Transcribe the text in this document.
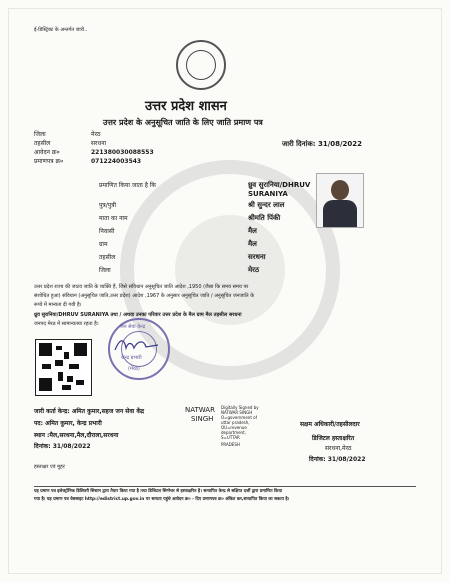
ई-डिस्ट्रिक्ट के अन्तर्गत जारी..
उत्तर प्रदेश शासन
उत्तर प्रदेश के अनुसूचित जाति के लिए जाति प्रमाण पत्र
जिला	मेरठ
तहसील	सरधना
आवेदन क्र०	221380030088553
प्रमाणपत्र क्र०	071224003543
जारी दिनांक: 31/08/2022
प्रमाणित किया जाता है कि	ध्रुव सुरानिया/DHRUV SURANIYA
पुत्र/पुत्री	श्री सुन्दर लाल
माता का नाम	श्रीमति पिंकी
निवासी	मैल
ग्राम	मैल
तहसील	सरधना
जिला	मेरठ
उत्तर प्रदेश राज्य की जाटव जाति के व्यक्ति हैं, जिसे संविधान अनुसूचित जाति आदेश ,1950 (जैसा कि समय समय पर
संशोधित हुआ) संविधान (अनुसूचित जाति,उत्तर प्रदेश) आदेश ,1967 के अनुसार अनुसूचित जाति / अनुसूचित जनजाति के
रूप्ये में मान्यता दी गयी है।
ध्रुव सुरानिया/DHRUV SURANIYA तथा / अथवा उनका परिवार उत्तर प्रदेश के मैल ग्राम मैल तहसील सरधना
जनपद मेरठ में सामान्यतया रहता है।	जन सेवा केन्द्र
केन्द्र प्रभारी
(मेरठ)
जारी कर्ता केन्द्र: अमित कुमार,सहज जन सेवा केंद्र
पद: अमित कुमार, केन्द्र प्रभारी
स्थान :मैल,सरधना,मैल,दौराला,सरधना
दिनांक: 31/08/2022
NATWAR
SINGH
Digitally Signed by
NATWAR SINGH
O=government of
uttar pradesh,
OU=revenue
department,
S=UTTAR
PRADESH
सक्षम अधिकारी/तहसीलदार
डिजिटल हस्ताक्षरित
सरधना,मेरठ
दिनांक: 31/08/2022
हस्ताक्षर एवं मुहर
यह प्रमाण पत्र इलेक्ट्रॉनिक डिलिवरी सिस्टम द्वारा तैयार किया गया है तथा डिजिटल सिग्नेचर से हस्ताक्षरित है। सत्यापित केन्द्र से सक्षिप्त दर्जी द्वारा प्रमाणित किया
गया है। यह प्रमाण पत्र वेबसाइट http://edistrict.up.gov.in पर सत्यता पहुंचे आवेदन क्र० - दिए प्रमाणपत्र क्र० अंकित कर,सत्यापित किया जा सकता है।
